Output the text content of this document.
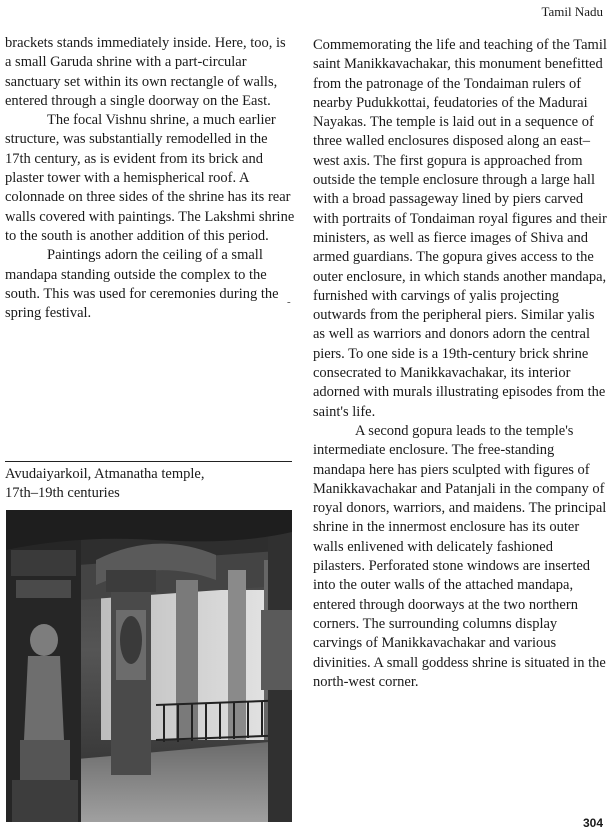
Tamil Nadu

brackets stands immediately inside. Here, too, is a small Garuda shrine with a part-circular sanctuary set within its own rectangle of walls, entered through a single doorway on the East.

The focal Vishnu shrine, a much earlier structure, was substantially remodelled in the 17th century, as is evident from its brick and plaster tower with a hemispherical roof. A colonnade on three sides of the shrine has its rear walls covered with paintings. The Lakshmi shrine to the south is another addition of this period.

Paintings adorn the ceiling of a small mandapa standing outside the complex to the south. This was used for ceremonies during the spring festival.

-
Avudaiyarkoil, Atmanatha temple,
17th–19th centuries

Commemorating the life and teaching of the Tamil saint Manikkavachakar, this monument benefitted from the patronage of the Tondaiman rulers of nearby Pudukkottai, feudatories of the Madurai Nayakas. The temple is laid out in a sequence of three walled enclosures disposed along an east–west axis. The first gopura is approached from outside the temple enclosure through a large hall with a broad passageway lined by piers carved with portraits of Tondaiman royal figures and their ministers, as well as fierce images of Shiva and armed guardians. The gopura gives access to the outer enclosure, in which stands another mandapa, furnished with carvings of yalis projecting outwards from the peripheral piers. Similar yalis as well as warriors and donors adorn the central piers. To one side is a 19th-century brick shrine consecrated to Manikkavachakar, its interior adorned with murals illustrating episodes from the saint's life.

A second gopura leads to the temple's intermediate enclosure. The free-standing mandapa here has piers sculpted with figures of Manikkavachakar and Patanjali in the company of royal donors, warriors, and maidens. The principal shrine in the innermost enclosure has its outer walls enlivened with delicately fashioned pilasters. Perforated stone windows are inserted into the outer walls of the attached mandapa, entered through doorways at the two northern corners. The surrounding columns display carvings of Manikkavachakar and various divinities. A small goddess shrine is situated in the north-west corner.

304
